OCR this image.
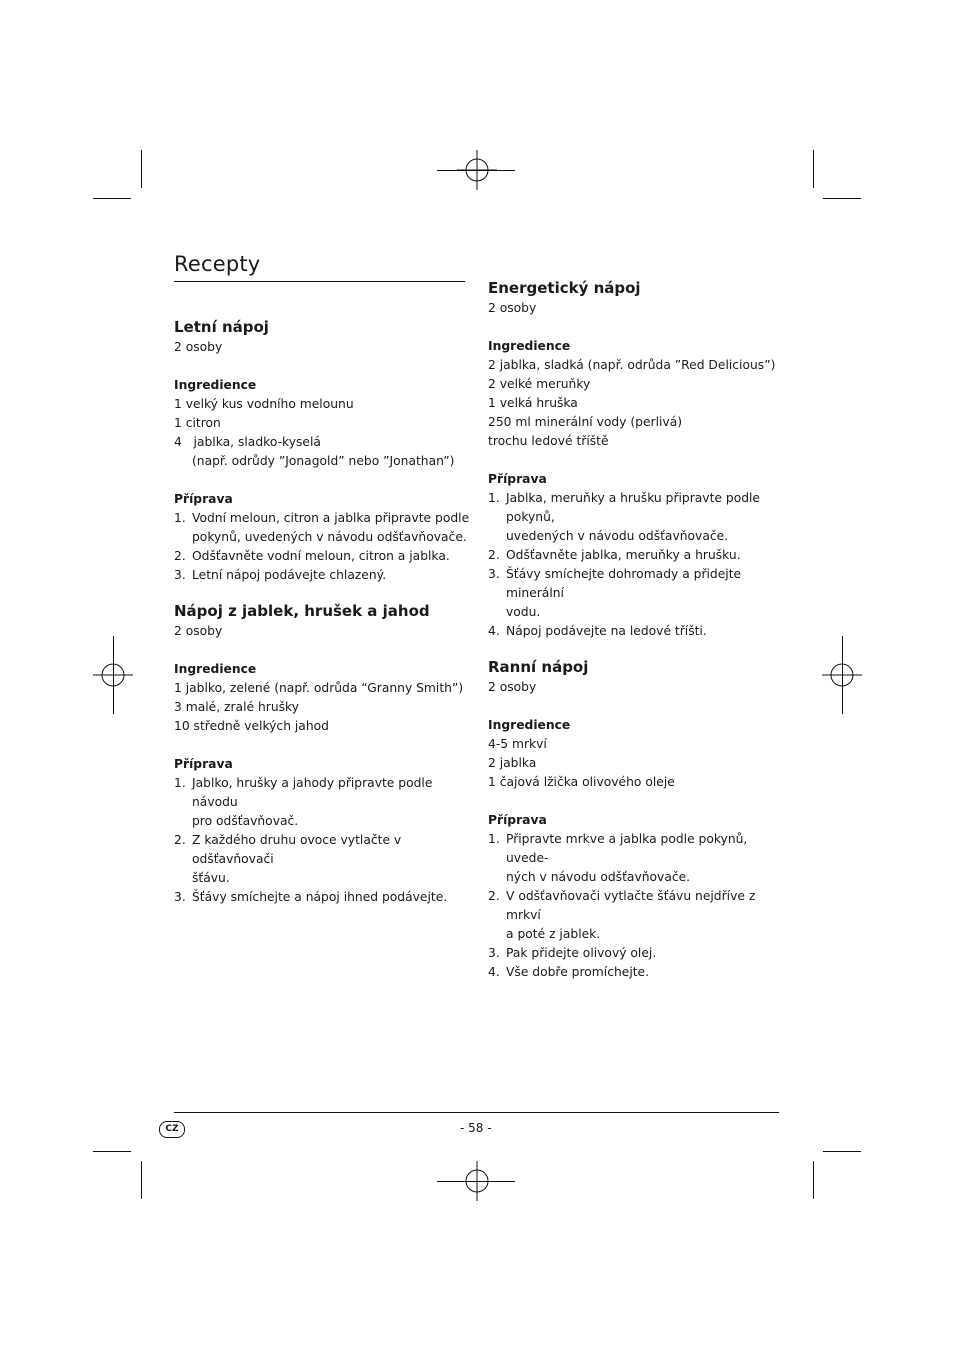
Recepty
Letní nápoj
2 osoby
Ingredience
1 velký kus vodního melounu
1 citron
4   jablka, sladko-kyselá
(např. odrůdy ”Jonagold” nebo ”Jonathan”)
Příprava
1. Vodní meloun, citron a jablka připravte podle
pokynů, uvedených v návodu odšťavňovače.
2. Odšťavněte vodní meloun, citron a jablka.
3. Letní nápoj podávejte chlazený.
Nápoj z jablek, hrušek a jahod
2 osoby
Ingredience
1 jablko, zelené (např. odrůda “Granny Smith”)
3 malé, zralé hrušky
10 středně velkých jahod
Příprava
1. Jablko, hrušky a jahody připravte podle návodu
pro odšťavňovač.
2. Z každého druhu ovoce vytlačte v odšťavňovači
šťávu.
3. Šťávy smíchejte a nápoj ihned podávejte.
Energetický nápoj
2 osoby
Ingredience
2 jablka, sladká (např. odrůda ”Red Delicious”)
2 velké meruňky
1 velká hruška
250 ml minerální vody (perlivá)
trochu ledové tříště
Příprava
1. Jablka, meruňky a hrušku připravte podle pokynů,
uvedených v návodu odšťavňovače.
2. Odšťavněte jablka, meruňky a hrušku.
3. Šťávy smíchejte dohromady a přidejte minerální
vodu.
4. Nápoj podávejte na ledové tříšti.
Ranní nápoj
2 osoby
Ingredience
4-5 mrkví
2 jablka
1 čajová lžička olivového oleje
Příprava
1. Připravte mrkve a jablka podle pokynů, uvede-
ných v návodu odšťavňovače.
2. V odšťavňovači vytlačte šťávu nejdříve z mrkví
a poté z jablek.
3. Pak přidejte olivový olej.
4. Vše dobře promíchejte.
CZ	- 58 -
